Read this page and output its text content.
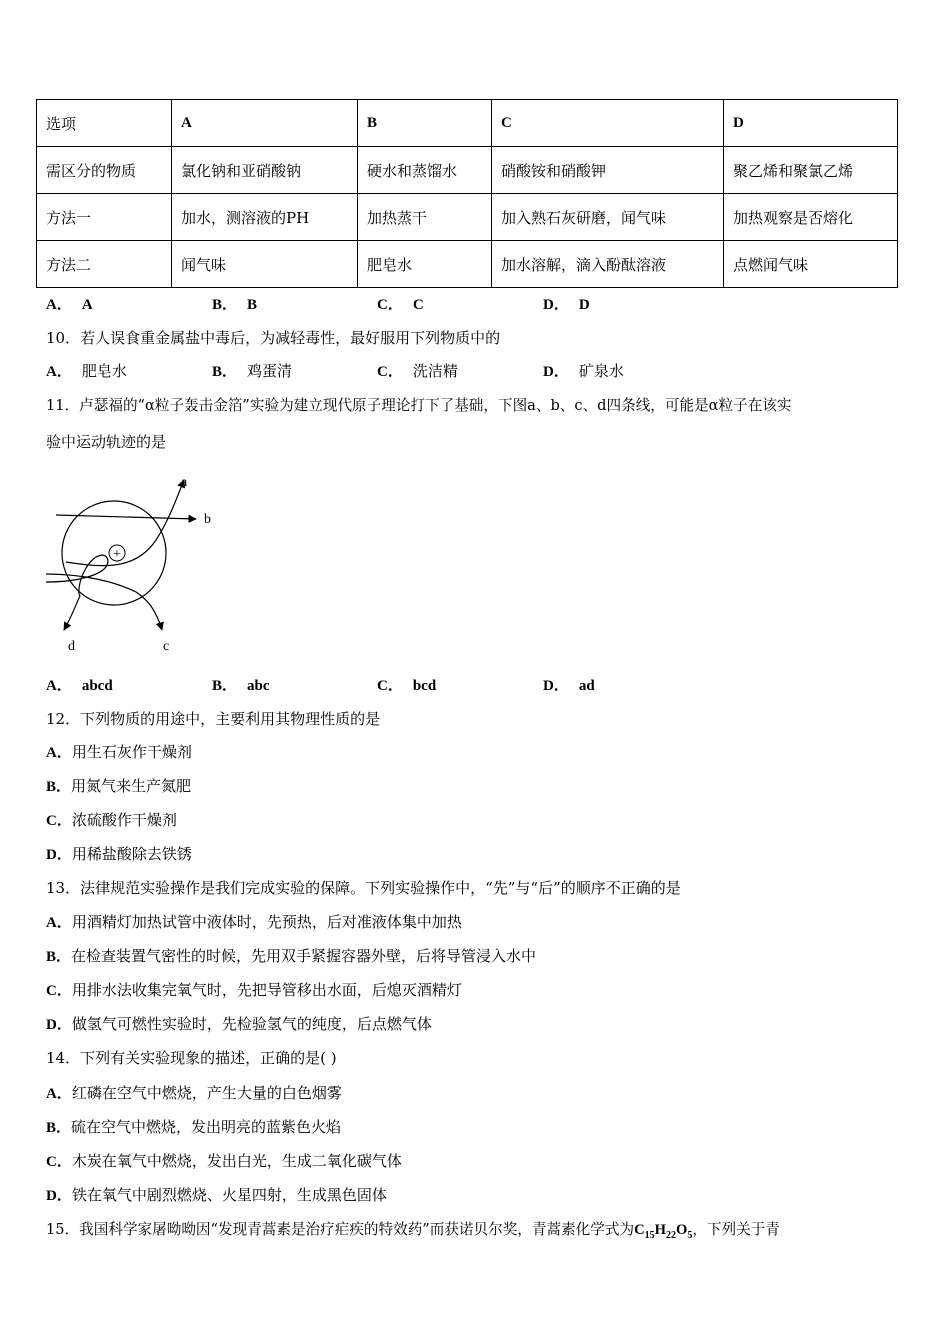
选项	A	B	C	D
需区分的物质	氯化钠和亚硝酸钠	硬水和蒸馏水	硝酸铵和硝酸钾	聚乙烯和聚氯乙烯
方法一	加水，测溶液的PH	加热蒸干	加入熟石灰研磨，闻气味	加热观察是否熔化
方法二	闻气味	肥皂水	加水溶解，滴入酚酞溶液	点燃闻气味
A． A	B． B	C． C	D． D
10．若人误食重金属盐中毒后，为减轻毒性，最好服用下列物质中的
A． 肥皂水	B． 鸡蛋清	C． 洗洁精	D． 矿泉水
11．卢瑟福的“α粒子轰击金箔”实验为建立现代原子理论打下了基础，下图a、b、c、d四条线，可能是α粒子在该实
验中运动轨迹的是
+
a
b
c
d
A． abcd	B． abc	C． bcd	D． ad
12．下列物质的用途中，主要利用其物理性质的是
A．用生石灰作干燥剂
B．用氮气来生产氮肥
C．浓硫酸作干燥剂
D．用稀盐酸除去铁锈
13．法律规范实验操作是我们完成实验的保障。下列实验操作中，“先”与“后”的顺序不正确的是
A．用酒精灯加热试管中液体时，先预热，后对准液体集中加热
B．在检查装置气密性的时候，先用双手紧握容器外壁，后将导管浸入水中
C．用排水法收集完氧气时，先把导管移出水面，后熄灭酒精灯
D．做氢气可燃性实验时，先检验氢气的纯度，后点燃气体
14．下列有关实验现象的描述，正确的是( )
A．红磷在空气中燃烧，产生大量的白色烟雾
B．硫在空气中燃烧，发出明亮的蓝紫色火焰
C．木炭在氧气中燃烧，发出白光，生成二氧化碳气体
D．铁在氧气中剧烈燃烧、火星四射，生成黑色固体
15．我国科学家屠呦呦因“发现青蒿素是治疗疟疾的特效药”而获诺贝尔奖，青蒿素化学式为$C_{15}H_{22}O_5$，下列关于青
